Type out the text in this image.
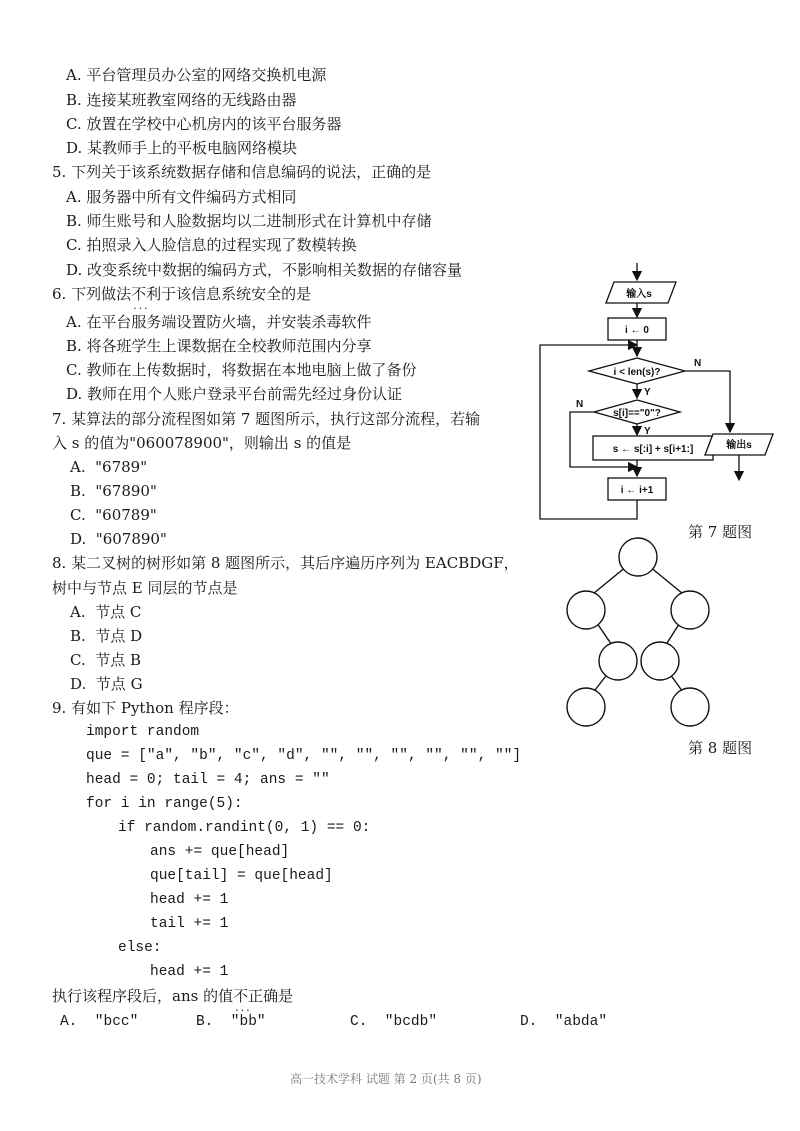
A. 平台管理员办公室的网络交换机电源
B. 连接某班教室网络的无线路由器
C. 放置在学校中心机房内的该平台服务器
D. 某教师手上的平板电脑网络模块
5. 下列关于该系统数据存储和信息编码的说法，正确的是
A. 服务器中所有文件编码方式相同
B. 师生账号和人脸数据均以二进制形式在计算机中存储
C. 拍照录入人脸信息的过程实现了数模转换
D. 改变系统中数据的编码方式，不影响相关数据的存储容量
6. 下列做法不利于 ···该信息系统安全的是
A. 在平台服务端设置防火墙，并安装杀毒软件
B. 将各班学生上课数据在全校教师范围内分享
C. 教师在上传数据时，将数据在本地电脑上做了备份
D. 教师在用个人账户登录平台前需先经过身份认证
7. 某算法的部分流程图如第 7 题图所示，执行这部分流程，若输
入 s 的值为"060078900"，则输出 s 的值是
A.  "6789"
B.  "67890"
C.  "60789"
D.  "607890"
8. 某二叉树的树形如第 8 题图所示，其后序遍历序列为 EACBDGF，
树中与节点 E 同层的节点是
A.  节点 C
B.  节点 D
C.  节点 B
D.  节点 G
9. 有如下 Python 程序段：
import random
que = ["a", "b", "c", "d", "", "", "", "", "", ""]
head = 0; tail = 4; ans = ""
for i in range(5):
if random.randint(0, 1) == 0:
ans += que[head]
que[tail] = que[head]
head += 1
tail += 1
else:
head += 1
执行该程序段后，ans 的值不正确 ···是
A.  "bcc"	B.  "bb"	C.  "bcdb"	D.  "abda"
输入s
i ← 0
i < len(s)?
s[i]=="0"?
s ← s[:i] + s[i+1:]
i ← i+1
输出s
Y
Y
N
N
第 7 题图
第 8 题图
高一技术学科 试题 第 2 页(共 8 页)
